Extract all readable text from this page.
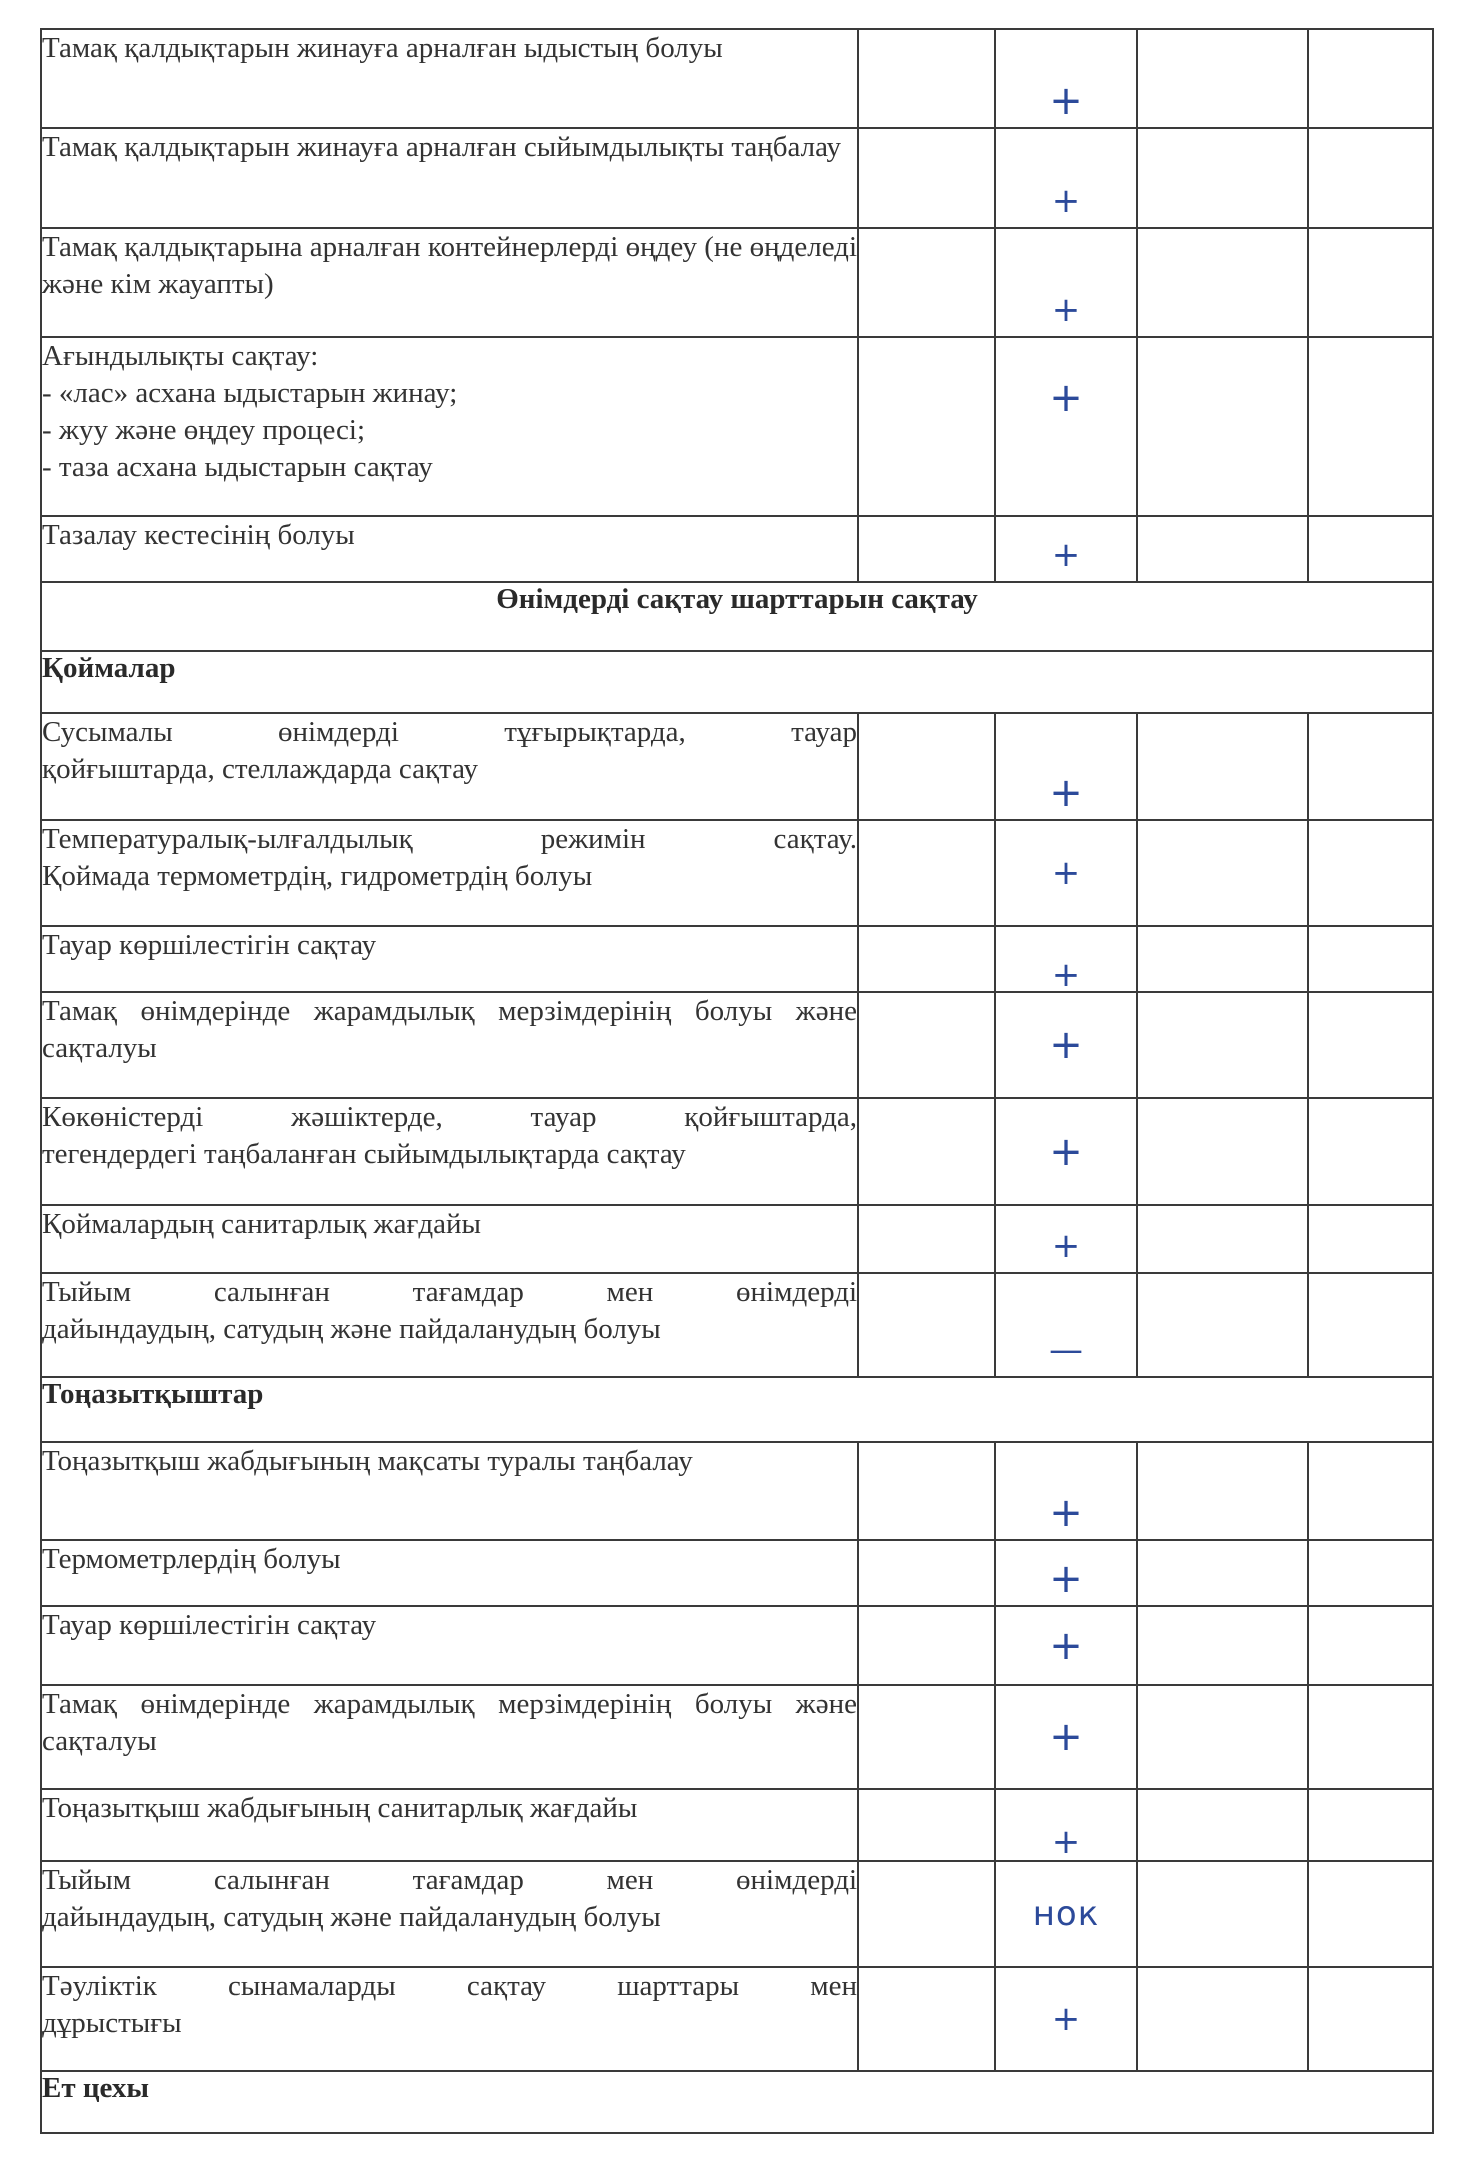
Тамақ қалдықтарын жинауға арналған ыдыстың болуы		+		

Тамақ қалдықтарын жинауға арналған сыйымдылықты таңбалау		+		

Тамақ қалдықтарына арналған контейнерлерді өңдеу (не өңделеді және кім жауапты)		+		

Ағындылықты сақтау:
- «лас» асхана ыдыстарын жинау;
- жуу және өңдеу процесі;
- таза асхана ыдыстарын сақтау		+		

Тазалау кестесінің болуы		+		

Өнімдерді сақтау шарттарын сақтау				
Қоймалар				

Сусымалы өнімдерді тұғырықтарда, тауар
қойғыштарда, стеллаждарда сақтау		+		

Температуралық-ылғалдылық режимін сақтау.
Қоймада термометрдің, гидрометрдің болуы		+		

Тауар көршілестігін сақтау		+		

Тамақ өнімдерінде жарамдылық мерзімдерінің болуы және сақталуы		+		

Көкөністерді жәшіктерде, тауар қойғыштарда,
тегендердегі таңбаланған сыйымдылықтарда сақтау		+		

Қоймалардың санитарлық жағдайы		+		

Тыйым салынған тағамдар мен өнімдерді
дайындаудың, сатудың және пайдаланудың болуы		—		

Тоңазытқыштар				
Тоңазытқыш жабдығының мақсаты туралы таңбалау		+		

Термометрлердің болуы		+		

Тауар көршілестігін сақтау		+		

Тамақ өнімдерінде жарамдылық мерзімдерінің болуы және сақталуы		+		

Тоңазытқыш жабдығының санитарлық жағдайы		+		

Тыйым салынған тағамдар мен өнімдерді
дайындаудың, сатудың және пайдаланудың болуы		нок		

Тәуліктік сынамаларды сақтау шарттары мен
дұрыстығы		+		

Ет цехы				
